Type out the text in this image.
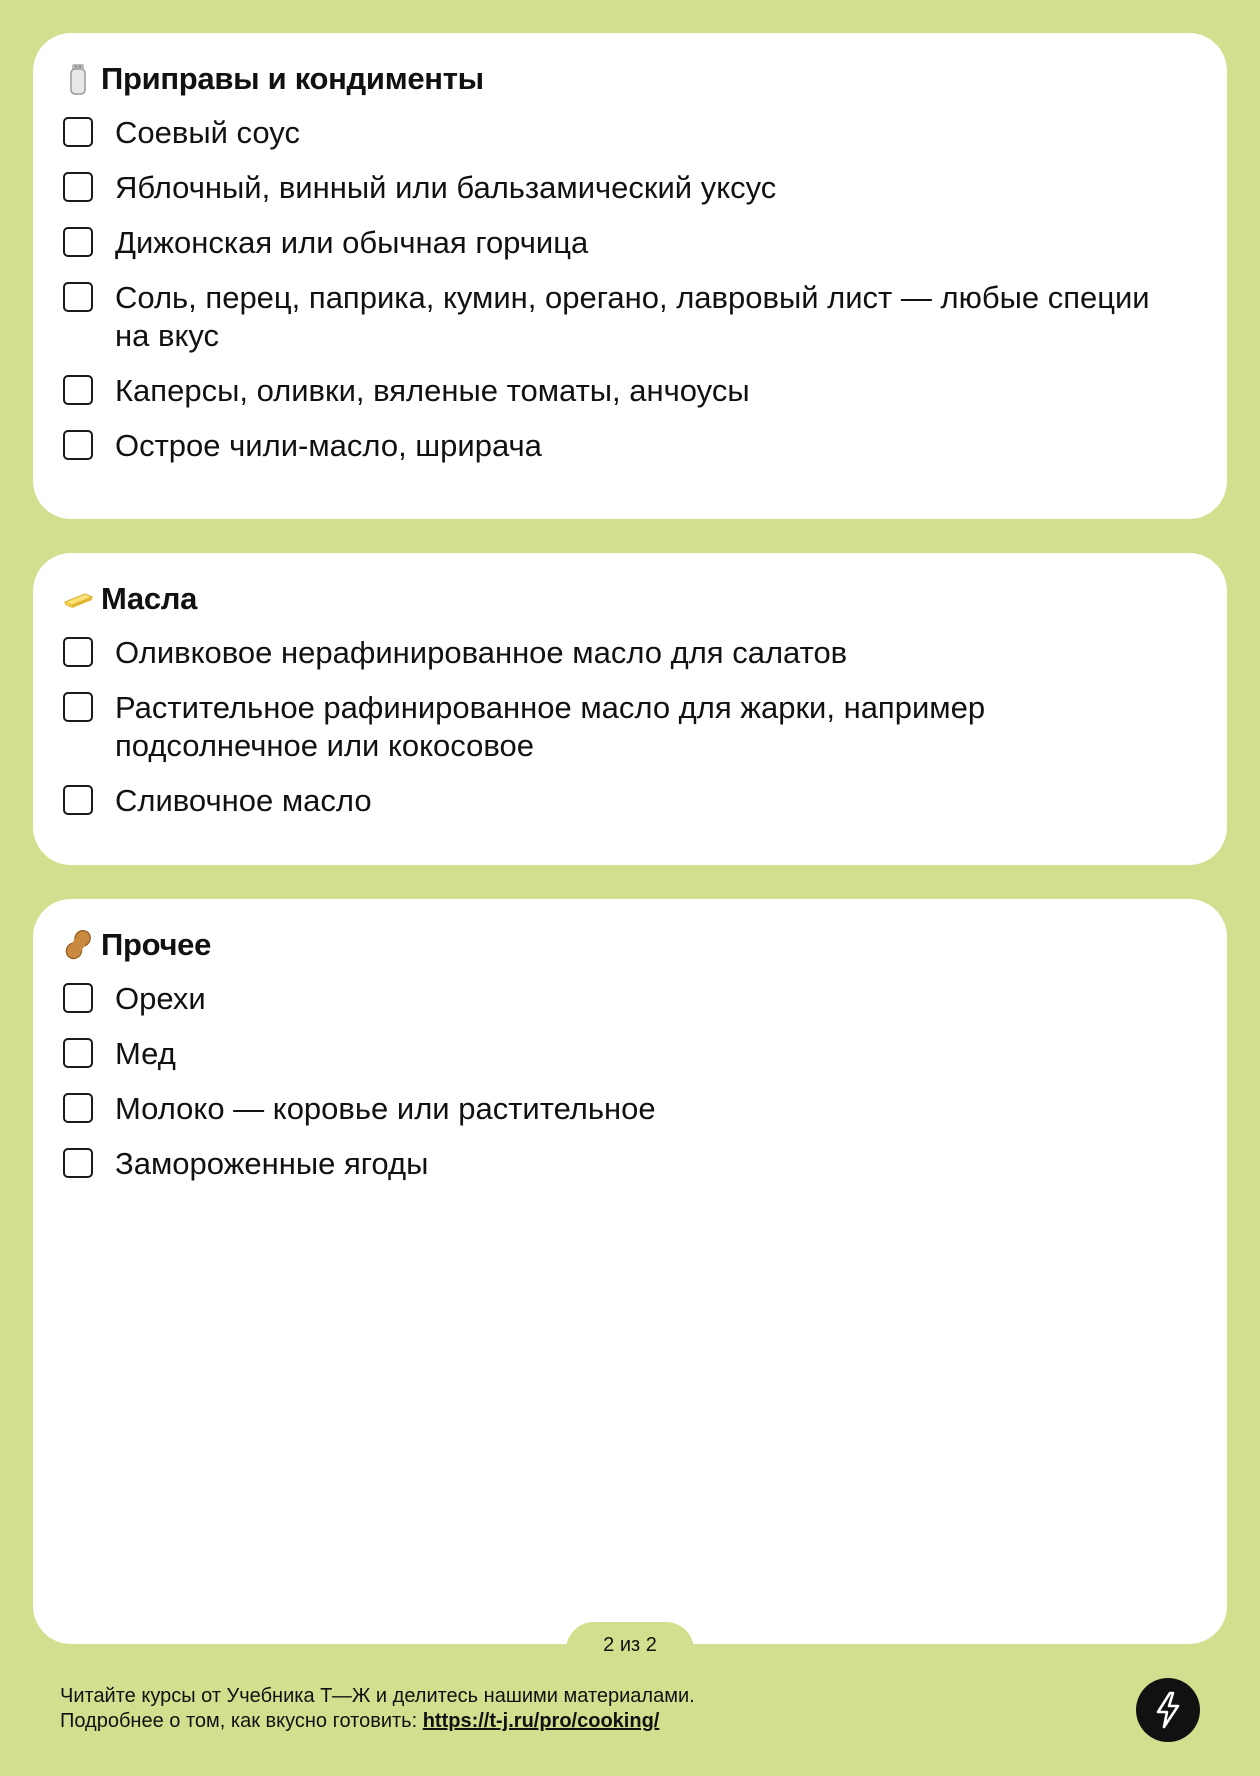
Приправы и кондименты
Соевый соус
Яблочный, винный или бальзамический уксус
Дижонская или обычная горчица
Соль, перец, паприка, кумин, орегано, лавровый лист — любые специи на вкус
Каперсы, оливки, вяленые томаты, анчоусы
Острое чили-масло, шрирача
Масла
Оливковое нерафинированное масло для салатов
Растительное рафинированное масло для жарки, например подсолнечное или кокосовое
Сливочное масло
Прочее
Орехи
Мед
Молоко — коровье или растительное
Замороженные ягоды
2 из 2
Читайте курсы от Учебника Т—Ж и делитесь нашими материалами.
Подробнее о том, как вкусно готовить: https://t-j.ru/pro/cooking/
